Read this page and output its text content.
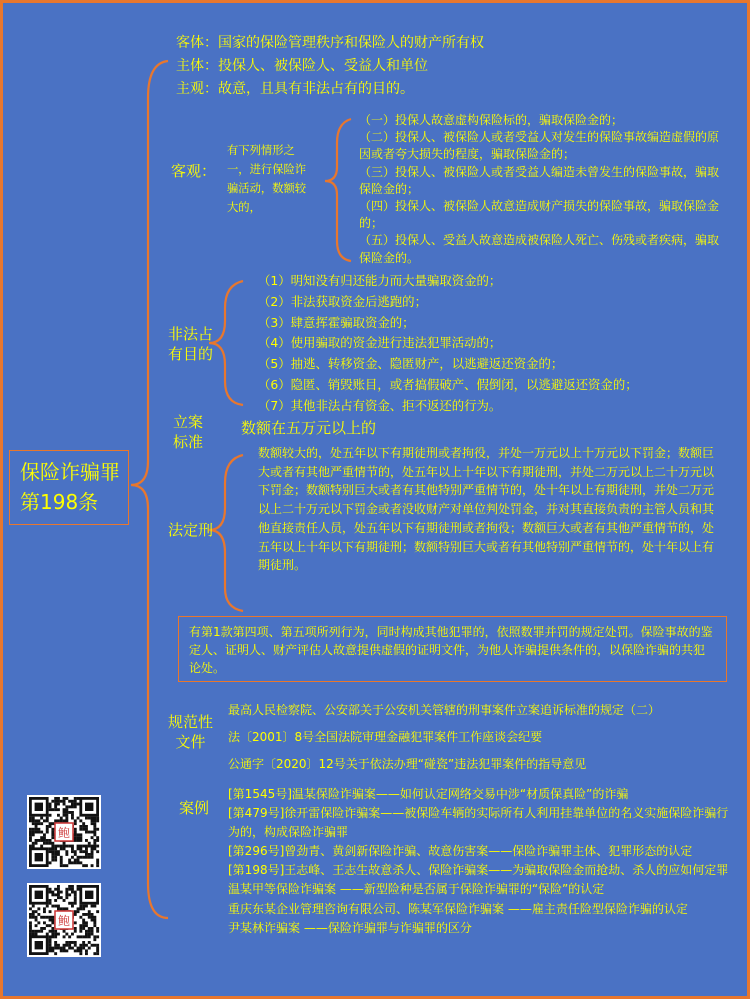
保险诈骗罪
第198条
客体：国家的保险管理秩序和保险人的财产所有权
主体：投保人、被保险人、受益人和单位
主观：故意，且具有非法占有的目的。
客观：
有下列情形之一，进行保险诈骗活动，数额较大的，
（一）投保人故意虚构保险标的，骗取保险金的；
（二）投保人、被保险人或者受益人对发生的保险事故编造虚假的原因或者夸大损失的程度，骗取保险金的；
（三）投保人、被保险人或者受益人编造未曾发生的保险事故，骗取保险金的；
（四）投保人、被保险人故意造成财产损失的保险事故，骗取保险金的；
（五）投保人、受益人故意造成被保险人死亡、伤残或者疾病，骗取保险金的。
非法占
有目的
（1）明知没有归还能力而大量骗取资金的；
（2）非法获取资金后逃跑的；
（3）肆意挥霍骗取资金的；
（4）使用骗取的资金进行违法犯罪活动的；
（5）抽逃、转移资金、隐匿财产，以逃避返还资金的；
（6）隐匿、销毁账目，或者搞假破产、假倒闭，以逃避返还资金的；
（7）其他非法占有资金、拒不返还的行为。
立案
标准
数额在五万元以上的
法定刑
数额较大的，处五年以下有期徒刑或者拘役，并处一万元以上十万元以下罚金；数额巨大或者有其他严重情节的，处五年以上十年以下有期徒刑，并处二万元以上二十万元以下罚金；数额特别巨大或者有其他特别严重情节的，处十年以上有期徒刑，并处二万元以上二十万元以下罚金或者没收财产对单位判处罚金，并对其直接负责的主管人员和其他直接责任人员，处五年以下有期徒刑或者拘役；数额巨大或者有其他严重情节的，处五年以上十年以下有期徒刑；数额特别巨大或者有其他特别严重情节的，处十年以上有期徒刑。
有第1款第四项、第五项所列行为，同时构成其他犯罪的，依照数罪并罚的规定处罚。保险事故的鉴定人、证明人、财产评估人故意提供虚假的证明文件，为他人诈骗提供条件的，以保险诈骗的共犯论处。
规范性
文件
最高人民检察院、公安部关于公安机关管辖的刑事案件立案追诉标准的规定（二）
法〔2001〕8号全国法院审理金融犯罪案件工作座谈会纪要
公通字〔2020〕12号关于依法办理“碰瓷”违法犯罪案件的指导意见
案例
[第1545号]温某保险诈骗案——如何认定网络交易中涉“材质保真险”的诈骗
[第479号]徐开雷保险诈骗案——被保险车辆的实际所有人利用挂靠单位的名义实施保险诈骗行为的，构成保险诈骗罪
[第296号]曾劲青、黄剑新保险诈骗、故意伤害案——保险诈骗罪主体、犯罪形态的认定
[第198号]王志峰、王志生故意杀人、保险诈骗案——为骗取保险金而抢劫、杀人的应如何定罪
温某甲等保险诈骗案 ——新型险种是否属于保险诈骗罪的“保险”的认定
重庆东某企业管理咨询有限公司、陈某军保险诈骗案 ——雇主责任险型保险诈骗的认定
尹某林诈骗案 ——保险诈骗罪与诈骗罪的区分
鲍
鲍
